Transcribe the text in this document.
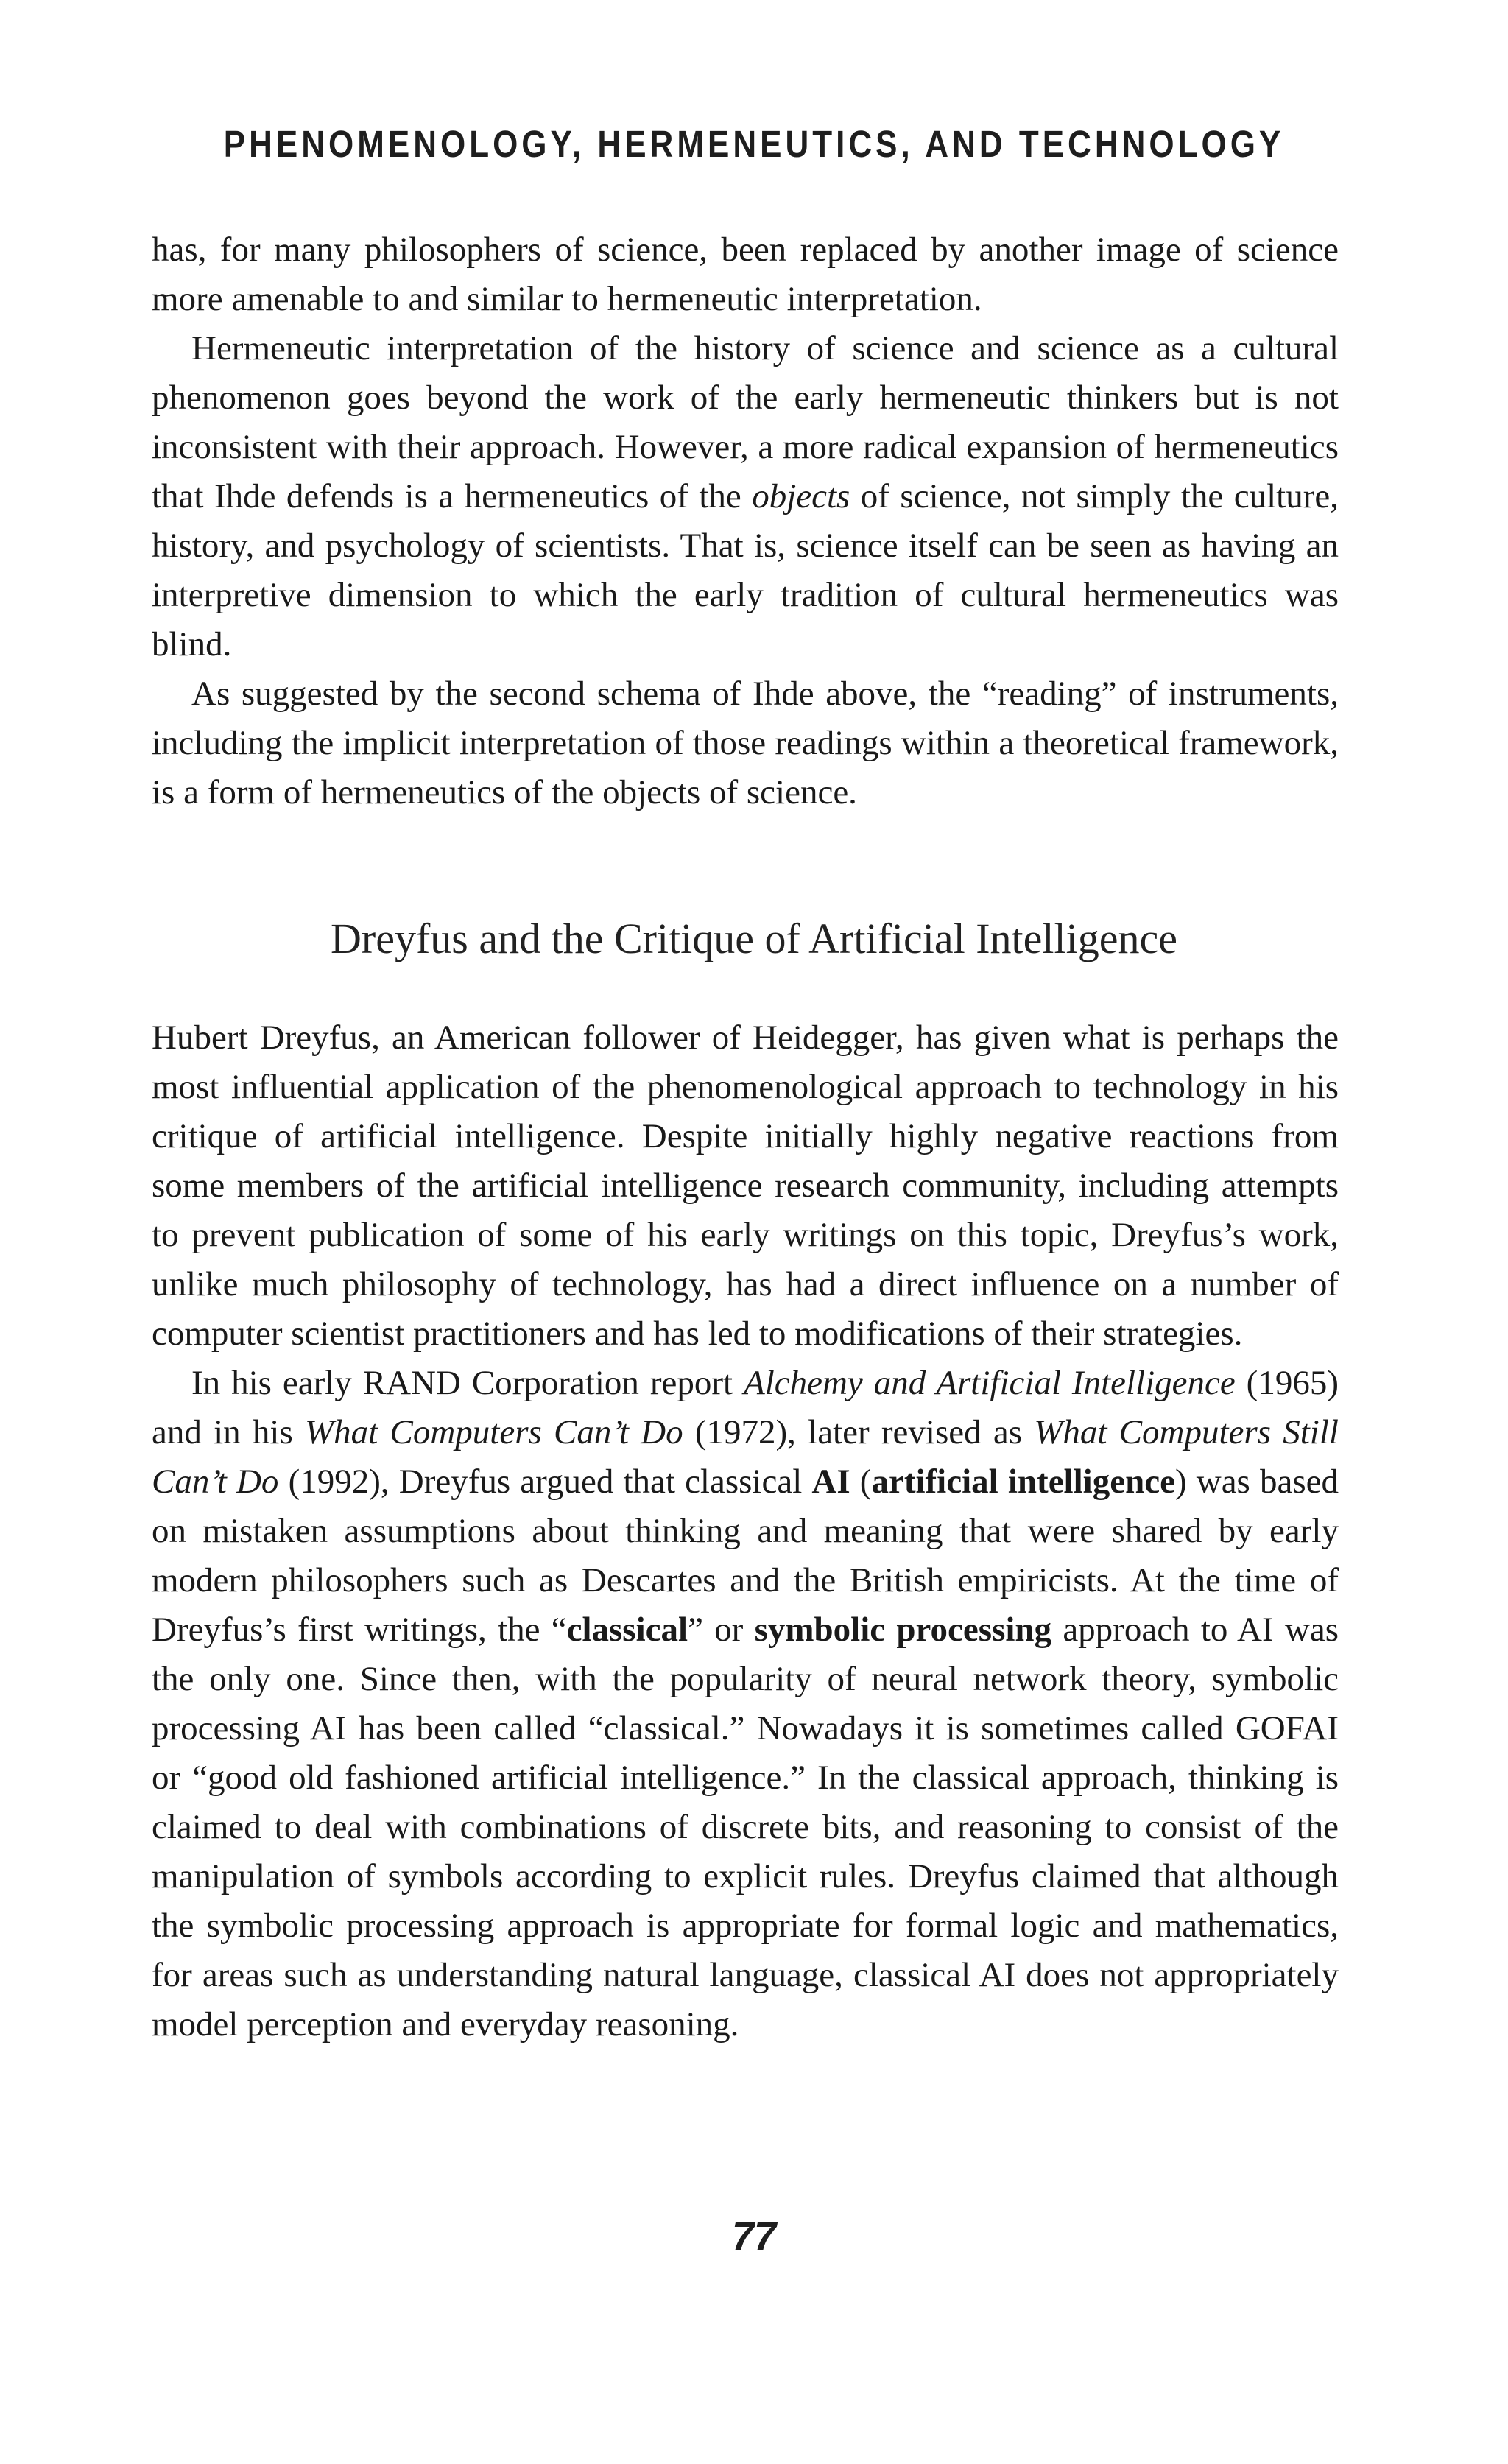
PHENOMENOLOGY, HERMENEUTICS, AND TECHNOLOGY

has, for many philosophers of science, been replaced by another image of science more amenable to and similar to hermeneutic interpretation.

Hermeneutic interpretation of the history of science and science as a cultural phenomenon goes beyond the work of the early hermeneutic thinkers but is not inconsistent with their approach. However, a more radical expansion of hermeneutics that Ihde defends is a hermeneutics of the objects of science, not simply the culture, history, and psychology of scientists. That is, science itself can be seen as having an interpretive dimension to which the early tradition of cultural hermeneutics was blind.

As suggested by the second schema of Ihde above, the “reading” of instruments, including the implicit interpretation of those readings within a theoretical framework, is a form of hermeneutics of the objects of science.

Dreyfus and the Critique of Artificial Intelligence

Hubert Dreyfus, an American follower of Heidegger, has given what is perhaps the most influential application of the phenomenological approach to technology in his critique of artificial intelligence. Despite initially highly negative reactions from some members of the artificial intelligence research community, including attempts to prevent publication of some of his early writings on this topic, Dreyfus’s work, unlike much philosophy of technology, has had a direct influence on a number of computer scientist practitioners and has led to modifications of their strategies.

In his early RAND Corporation report Alchemy and Artificial Intelligence (1965) and in his What Computers Can’t Do (1972), later revised as What Computers Still Can’t Do (1992), Dreyfus argued that classical AI (artificial intelligence) was based on mistaken assumptions about thinking and meaning that were shared by early modern philosophers such as Descartes and the British empiricists. At the time of Dreyfus’s first writings, the “classical” or symbolic processing approach to AI was the only one. Since then, with the popularity of neural network theory, symbolic processing AI has been called “classical.” Nowadays it is sometimes called GOFAI or “good old fashioned artificial intelligence.” In the classical approach, thinking is claimed to deal with combinations of discrete bits, and reasoning to consist of the manipulation of symbols according to explicit rules. Dreyfus claimed that although the symbolic processing approach is appropriate for formal logic and mathematics, for areas such as understanding natural language, classical AI does not appropriately model perception and everyday reasoning.

77
